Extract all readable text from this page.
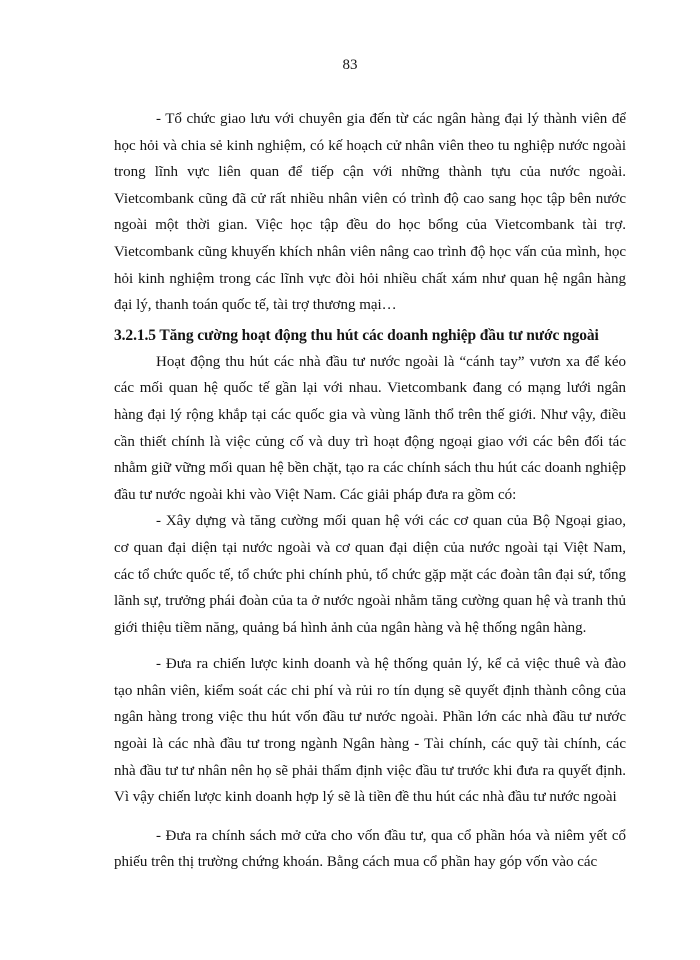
83

- Tổ chức giao lưu với chuyên gia đến từ các ngân hàng đại lý thành viên để học hỏi và chia sẻ kinh nghiệm, có kế hoạch cử nhân viên theo tu nghiệp nước ngoài trong lĩnh vực liên quan để tiếp cận với những thành tựu của nước ngoài. Vietcombank cũng đã cử rất nhiều nhân viên có trình độ cao sang học tập bên nước ngoài một thời gian. Việc học tập đều do học bổng của Vietcombank tài trợ. Vietcombank cũng khuyến khích nhân viên nâng cao trình độ học vấn của mình, học hỏi kinh nghiệm trong các lĩnh vực đòi hỏi nhiều chất xám như quan hệ ngân hàng đại lý, thanh toán quốc tế, tài trợ thương mại…

3.2.1.5 Tăng cường hoạt động thu hút các doanh nghiệp đầu tư nước ngoài

Hoạt động thu hút các nhà đầu tư nước ngoài là “cánh tay” vươn xa để kéo các mối quan hệ quốc tế gần lại với nhau. Vietcombank đang có mạng lưới ngân hàng đại lý rộng khắp tại các quốc gia và vùng lãnh thổ trên thế giới. Như vậy, điều cần thiết chính là việc củng cố và duy trì hoạt động ngoại giao với các bên đối tác nhằm giữ vững mối quan hệ bền chặt, tạo ra các chính sách thu hút các doanh nghiệp đầu tư nước ngoài khi vào Việt Nam. Các giải pháp đưa ra gồm có:

- Xây dựng và tăng cường mối quan hệ với các cơ quan của Bộ Ngoại giao, cơ quan đại diện tại nước ngoài và cơ quan đại diện của nước ngoài tại Việt Nam, các tổ chức quốc tế, tổ chức phi chính phủ, tổ chức gặp mặt các đoàn tân đại sứ, tổng lãnh sự, trưởng phái đoàn của ta ở nước ngoài nhằm tăng cường quan hệ và tranh thủ giới thiệu tiềm năng, quảng bá hình ảnh của ngân hàng và hệ thống ngân hàng.

- Đưa ra chiến lược kinh doanh và hệ thống quản lý, kể cả việc thuê và đào tạo nhân viên, kiểm soát các chi phí và rủi ro tín dụng sẽ quyết định thành công của ngân hàng trong việc thu hút vốn đầu tư nước ngoài. Phần lớn các nhà đầu tư nước ngoài là các nhà đầu tư trong ngành Ngân hàng - Tài chính, các quỹ tài chính, các nhà đầu tư tư nhân nên họ sẽ phải thẩm định việc đầu tư trước khi đưa ra quyết định. Vì vậy chiến lược kinh doanh hợp lý sẽ là tiền đề thu hút các nhà đầu tư nước ngoài

- Đưa ra chính sách mở cửa cho vốn đầu tư, qua cổ phần hóa và niêm yết cổ phiếu trên thị trường chứng khoán. Bằng cách mua cổ phần hay góp vốn vào các
